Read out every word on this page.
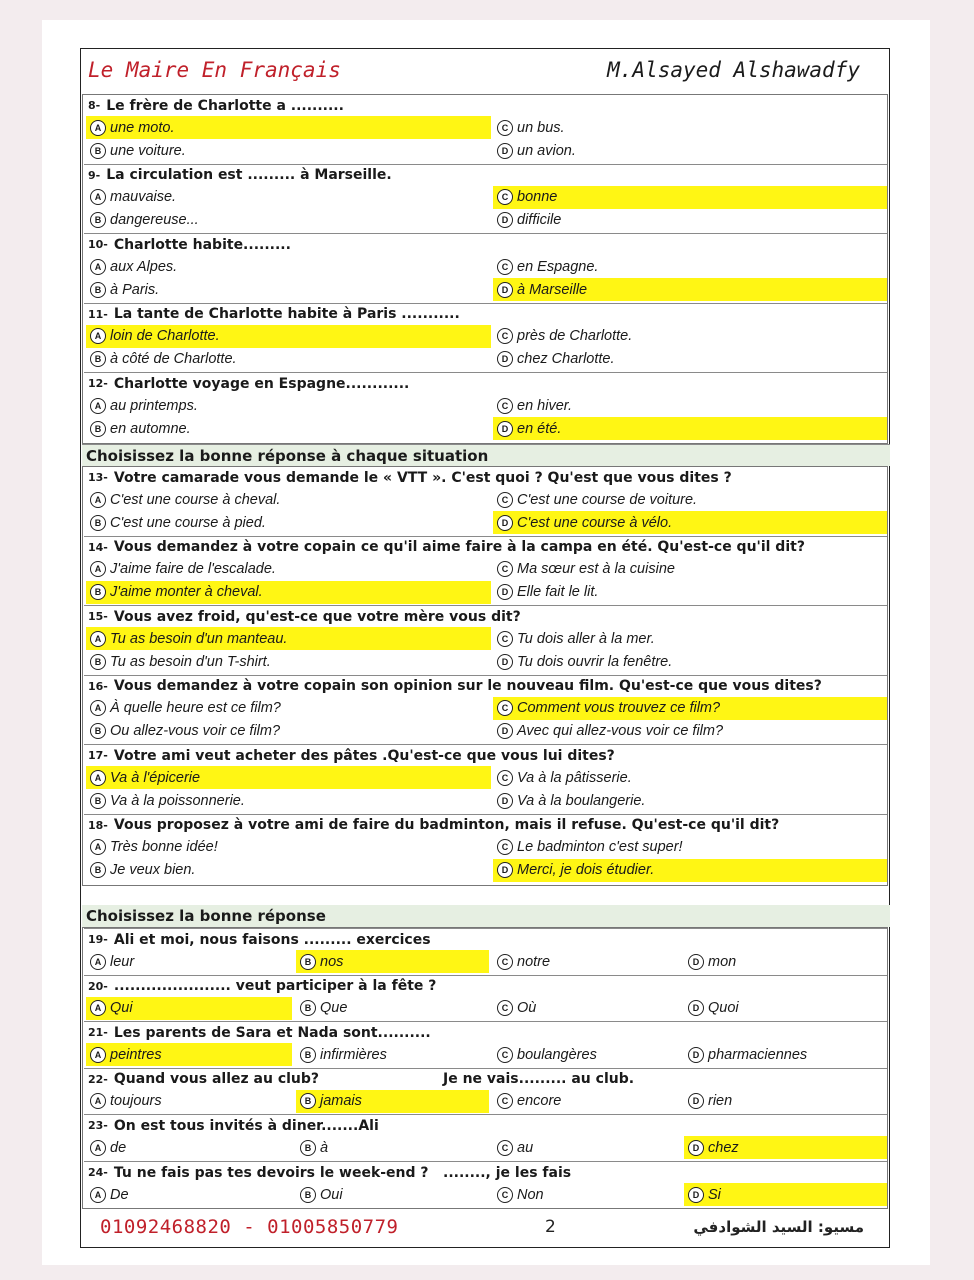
Le Maire En Français	M.Alsayed Alshawadfy
8- Le frère de Charlotte a ..........
A une moto.	C un bus.
B une voiture.	D un avion.
9- La circulation est ......... à Marseille.
A mauvaise.	C bonne
B dangereuse...	D difficile
10- Charlotte habite.........
A aux Alpes.	C en Espagne.
B à Paris.	D à Marseille
11- La tante de Charlotte habite à Paris ...........
A loin de Charlotte.	C près de Charlotte.
B à côté de Charlotte.	D chez Charlotte.
12- Charlotte voyage en Espagne............
A au printemps.	C en hiver.
B en automne.	D en été.
Choisissez la bonne réponse à chaque situation
13- Votre camarade vous demande le « VTT ». C'est quoi ? Qu'est que vous dites ?
A C'est une course à cheval.	C C'est une course de voiture.
B C'est une course à pied.	D C'est une course à vélo.
14- Vous demandez à votre copain ce qu'il aime faire à la campa en été. Qu'est-ce qu'il dit?
A J'aime faire de l'escalade.	C Ma sœur est à la cuisine
B J'aime monter à cheval.	D Elle fait le lit.
15- Vous avez froid, qu'est-ce que votre mère vous dit?
A Tu as besoin d'un manteau.	C Tu dois aller à la mer.
B Tu as besoin d'un T-shirt.	D Tu dois ouvrir la fenêtre.
16- Vous demandez à votre copain son opinion sur le nouveau film. Qu'est-ce que vous dites?
A À quelle heure est ce film?	C Comment vous trouvez ce film?
B Ou allez-vous voir ce film?	D Avec qui allez-vous voir ce film?
17- Votre ami veut acheter des pâtes .Qu'est-ce que vous lui dites?
A Va à l'épicerie	C Va à la pâtisserie.
B Va à la poissonnerie.	D Va à la boulangerie.
18- Vous proposez à votre ami de faire du badminton, mais il refuse. Qu'est-ce qu'il dit?
A Très bonne idée!	C Le badminton c'est super!
B Je veux bien.	D Merci, je dois étudier.
Choisissez la bonne réponse
19- Ali et moi, nous faisons ......... exercices
A leur	B nos	C notre	D mon
20- ...................... veut participer à la fête ?
A Qui	B Que	C Où	D Quoi
21- Les parents de Sara et Nada sont..........
A peintres	B infirmières	C boulangères	D pharmaciennes
22- Quand vous allez au club?	Je ne vais......... au club.
A toujours	B jamais	C encore	D rien
23- On est tous invités à diner.......Ali
A de	B à	C au	D chez
24- Tu ne fais pas tes devoirs le week-end ? ........, je les fais
A De	B Oui	C Non	D Si
01092468820 - 01005850779	2	مسيو: السيد الشوادفي
